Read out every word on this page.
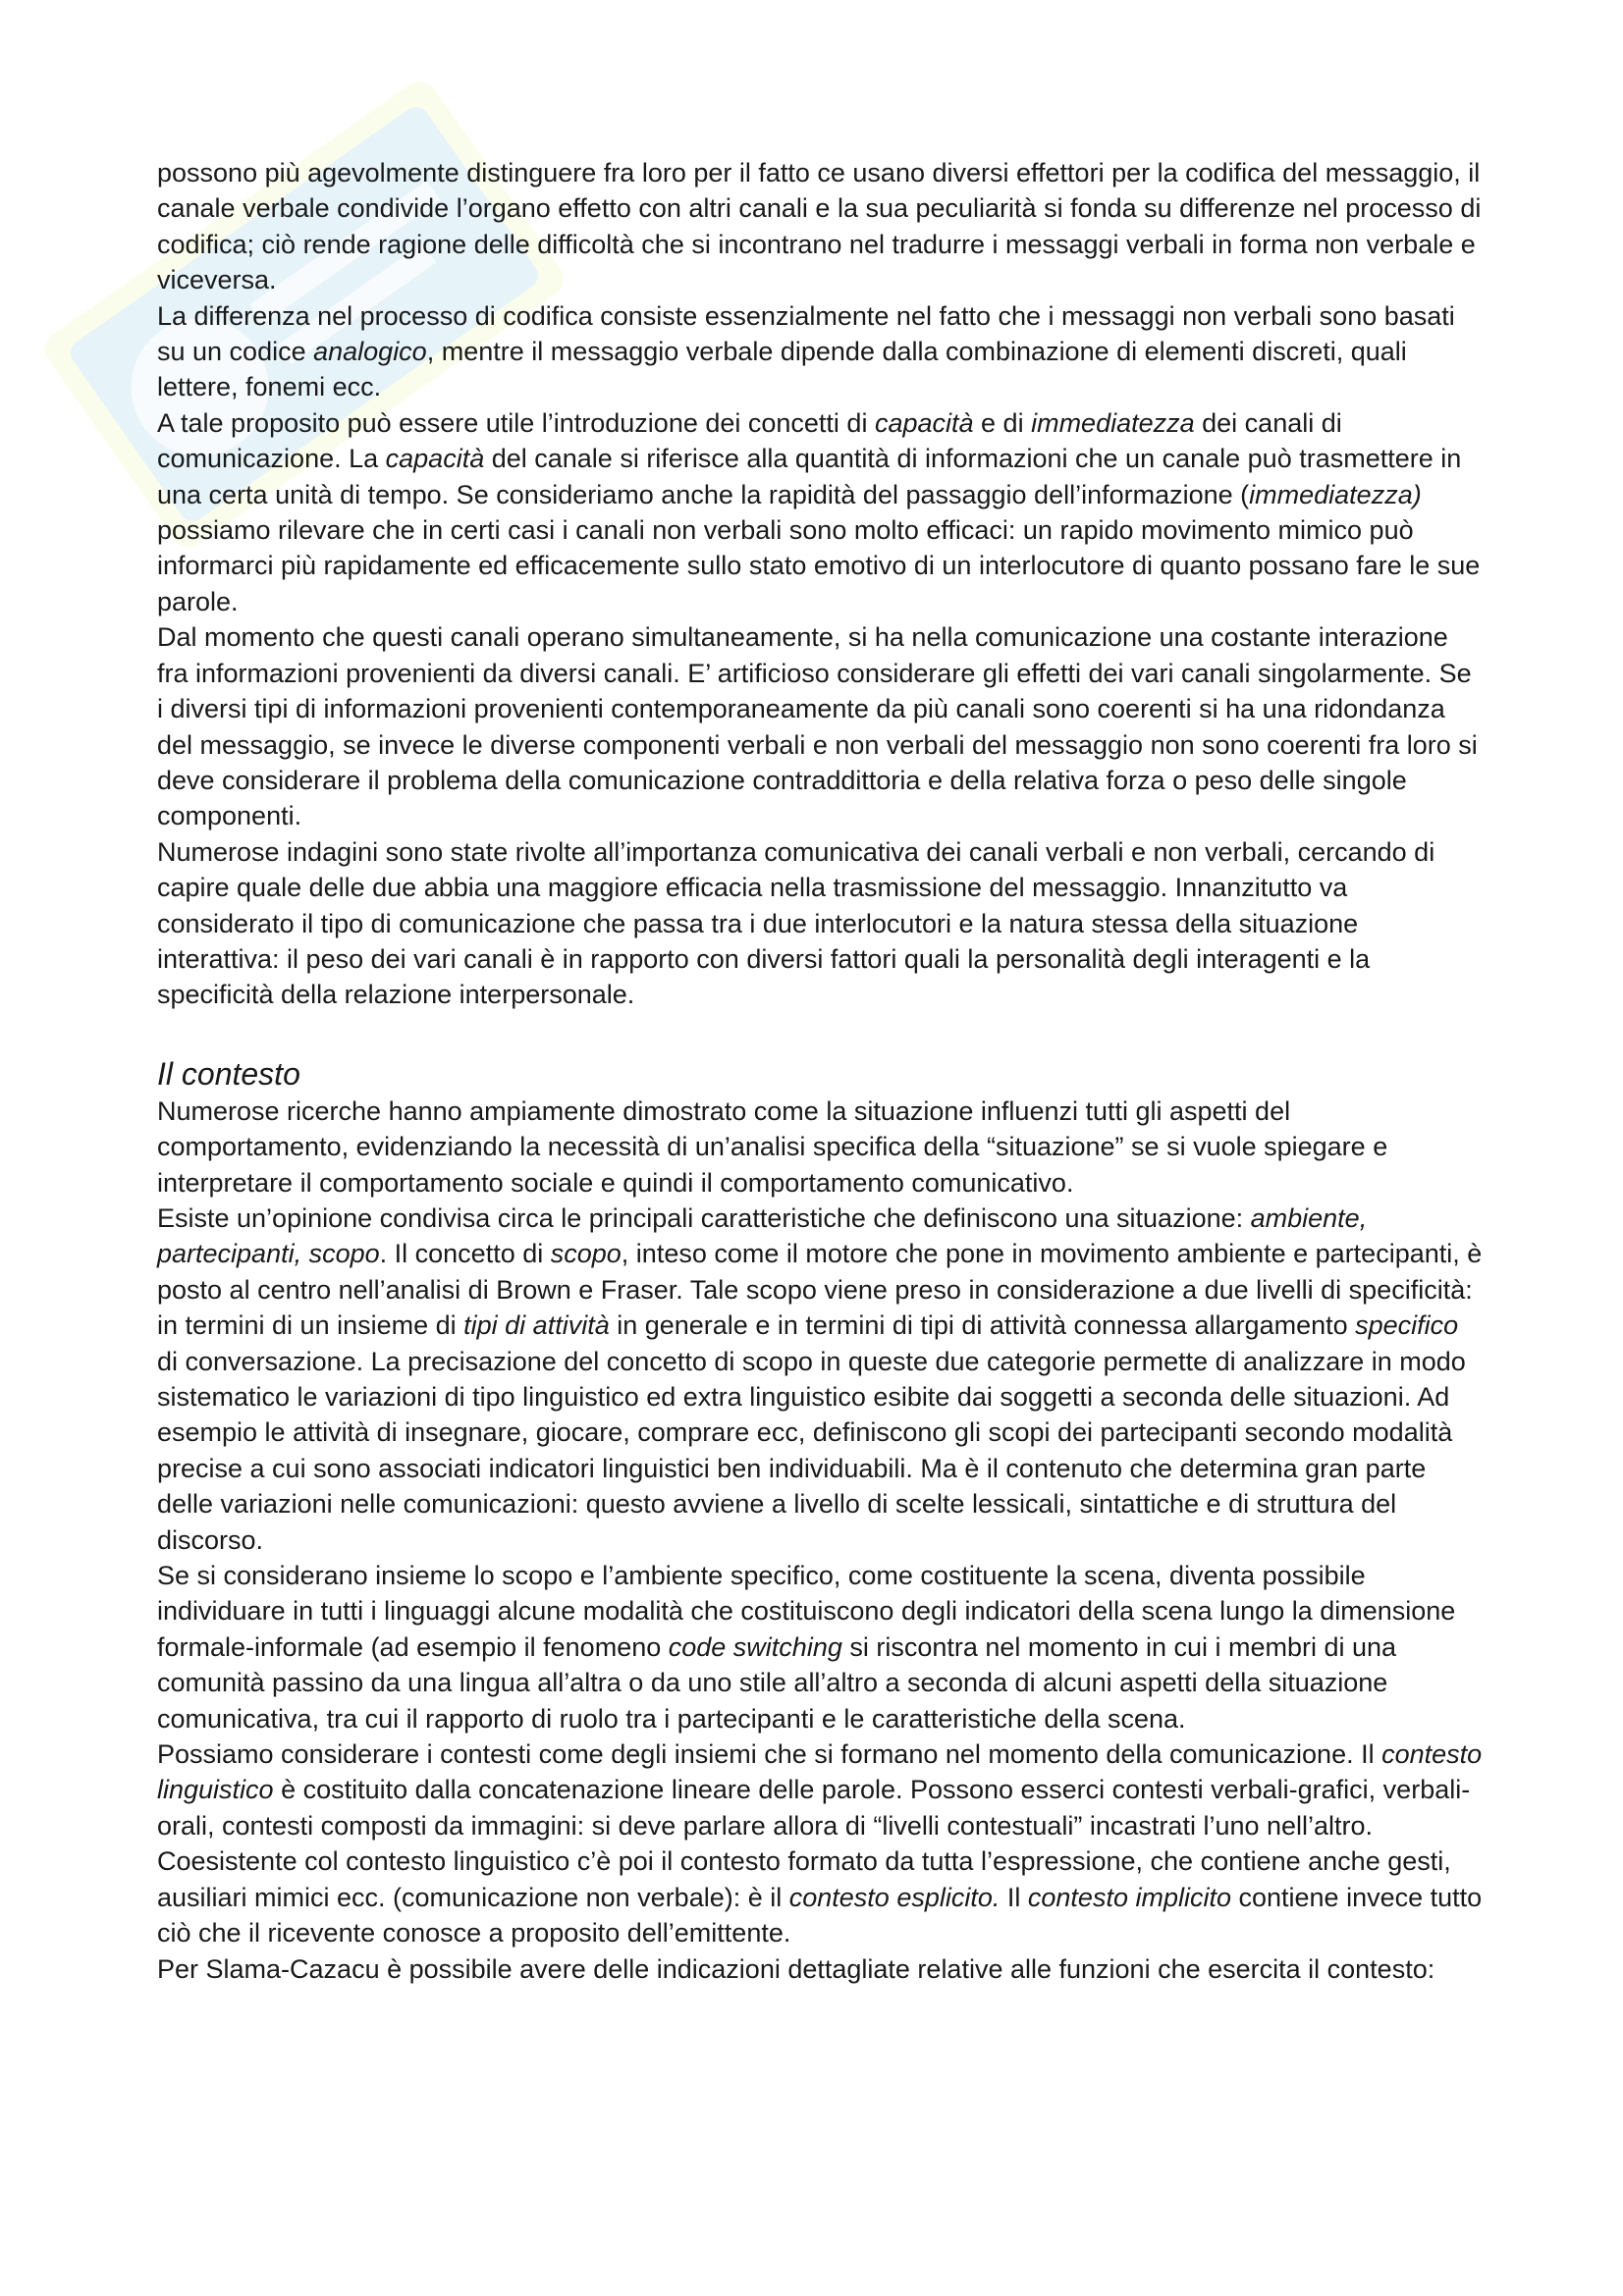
possono più agevolmente distinguere fra loro per il fatto ce usano diversi effettori per la codifica del messaggio, il canale verbale condivide l’organo effetto con altri canali e la sua peculiarità si fonda su differenze nel processo di codifica; ciò rende ragione delle difficoltà che si incontrano nel tradurre i messaggi verbali in forma non verbale e viceversa.

La differenza nel processo di codifica consiste essenzialmente nel fatto che i messaggi non verbali sono basati su un codice analogico, mentre il messaggio verbale dipende dalla combinazione di elementi discreti, quali lettere, fonemi ecc.

A tale proposito può essere utile l’introduzione dei concetti di capacità e di immediatezza dei canali di comunicazione. La capacità del canale si riferisce alla quantità di informazioni che un canale può trasmettere in una certa unità di tempo. Se consideriamo anche la rapidità del passaggio dell’informazione (immediatezza) possiamo rilevare che in certi casi i canali non verbali sono molto efficaci: un rapido movimento mimico può informarci più rapidamente ed efficacemente sullo stato emotivo di un interlocutore di quanto possano fare le sue parole.

Dal momento che questi canali operano simultaneamente, si ha nella comunicazione una costante interazione fra informazioni provenienti da diversi canali. E’ artificioso considerare gli effetti dei vari canali singolarmente. Se i diversi tipi di informazioni provenienti contemporaneamente da più canali sono coerenti si ha una ridondanza del messaggio, se invece le diverse componenti verbali e non verbali del messaggio non sono coerenti fra loro si deve considerare il problema della comunicazione contraddittoria e della relativa forza o peso delle singole componenti.

Numerose indagini sono state rivolte all’importanza comunicativa dei canali verbali e non verbali, cercando di capire quale delle due abbia una maggiore efficacia nella trasmissione del messaggio. Innanzitutto va considerato il tipo di comunicazione che passa tra i due interlocutori e la natura stessa della situazione interattiva: il peso dei vari canali è in rapporto con diversi fattori quali la personalità degli interagenti e la specificità della relazione interpersonale.

Il contesto

Numerose ricerche hanno ampiamente dimostrato come la situazione influenzi tutti gli aspetti del comportamento, evidenziando la necessità di un’analisi specifica della “situazione” se si vuole spiegare e interpretare il comportamento sociale e quindi il comportamento comunicativo.

Esiste un’opinione condivisa circa le principali caratteristiche che definiscono una situazione: ambiente, partecipanti, scopo. Il concetto di scopo, inteso come il motore che pone in movimento ambiente e partecipanti, è posto al centro nell’analisi di Brown e Fraser. Tale scopo viene preso in considerazione a due livelli di specificità: in termini di un insieme di tipi di attività in generale e in termini di tipi di attività connessa allargamento specifico di conversazione. La precisazione del concetto di scopo in queste due categorie permette di analizzare in modo sistematico le variazioni di tipo linguistico ed extra linguistico esibite dai soggetti a seconda delle situazioni. Ad esempio le attività di insegnare, giocare, comprare ecc, definiscono gli scopi dei partecipanti secondo modalità precise a cui sono associati indicatori linguistici ben individuabili. Ma è il contenuto che determina gran parte delle variazioni nelle comunicazioni: questo avviene a livello di scelte lessicali, sintattiche e di struttura del discorso.

Se si considerano insieme lo scopo e l’ambiente specifico, come costituente la scena, diventa possibile individuare in tutti i linguaggi alcune modalità che costituiscono degli indicatori della scena lungo la dimensione formale-informale (ad esempio il fenomeno code switching si riscontra nel momento in cui i membri di una comunità passino da una lingua all’altra o da uno stile all’altro a seconda di alcuni aspetti della situazione comunicativa, tra cui il rapporto di ruolo tra i partecipanti e le caratteristiche della scena.

Possiamo considerare i contesti come degli insiemi che si formano nel momento della comunicazione. Il contesto linguistico è costituito dalla concatenazione lineare delle parole. Possono esserci contesti verbali-grafici, verbali-orali, contesti composti da immagini: si deve parlare allora di “livelli contestuali” incastrati l’uno nell’altro. Coesistente col contesto linguistico c’è poi il contesto formato da tutta l’espressione, che contiene anche gesti, ausiliari mimici ecc. (comunicazione non verbale): è il contesto esplicito. Il contesto implicito contiene invece tutto ciò che il ricevente conosce a proposito dell’emittente.

Per Slama-Cazacu è possibile avere delle indicazioni dettagliate relative alle funzioni che esercita il contesto:
